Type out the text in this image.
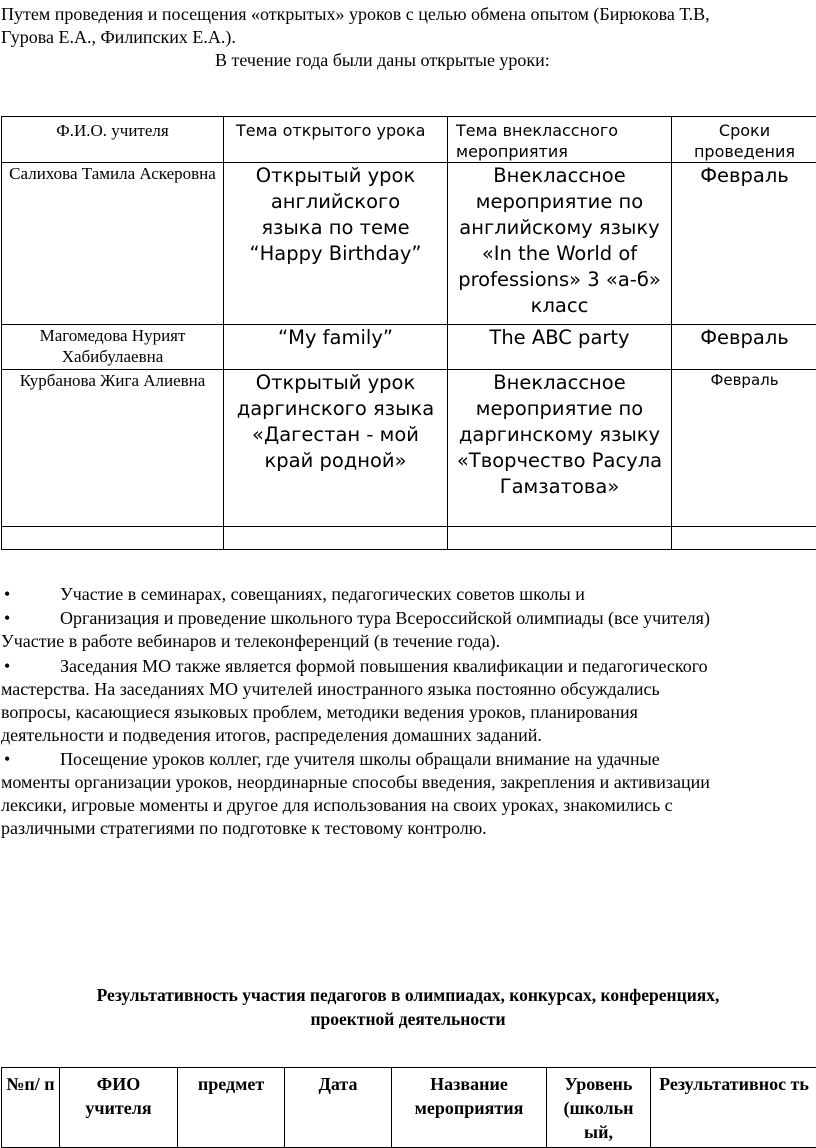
Путем проведения и посещения «открытых» уроков с целью обмена опытом (Бирюкова Т.В,
Гурова Е.А., Филипских Е.А.).
В течение года были даны открытые уроки:
Ф.И.О. учителя	Тема открытого урока	Тема внеклассного мероприятия	Сроки проведения
Салихова Тамила Аскеровна	Открытый урок английского языка по теме “Happy Birthday”	Внеклассное мероприятие по английскому языку «In the World of professions» 3 «а-б» класс	Февраль
Магомедова Нурият Хабибулаевна	“My family”	The ABC party	Февраль
Курбанова Жига Алиевна	Открытый урок даргинского языка «Дагестан - мой край родной»	Внеклассное мероприятие по даргинскому языку «Творчество Расула Гамзатова»	Февраль

•	Участие в семинарах, совещаниях, педагогических советов школы и
•	Организация и проведение школьного тура Всероссийской олимпиады (все учителя)
Участие в работе вебинаров и телеконференций (в течение года).
•	Заседания МО также является формой повышения квалификации и педагогического
мастерства. На заседаниях МО учителей иностранного языка постоянно обсуждались
вопросы, касающиеся языковых проблем, методики ведения уроков, планирования
деятельности и подведения итогов, распределения домашних заданий.
•	Посещение уроков коллег, где учителя школы обращали внимание на удачные
моменты организации уроков, неординарные способы введения, закрепления и активизации
лексики, игровые моменты и другое для использования на своих уроках, знакомились с
различными стратегиями по подготовке к тестовому контролю.
Результативность участия педагогов в олимпиадах, конкурсах, конференциях,
проектной деятельности
№п/ п	ФИО учителя	предмет	Дата	Название мероприятия	Уровень (школьн ый,	Результативнос ть
